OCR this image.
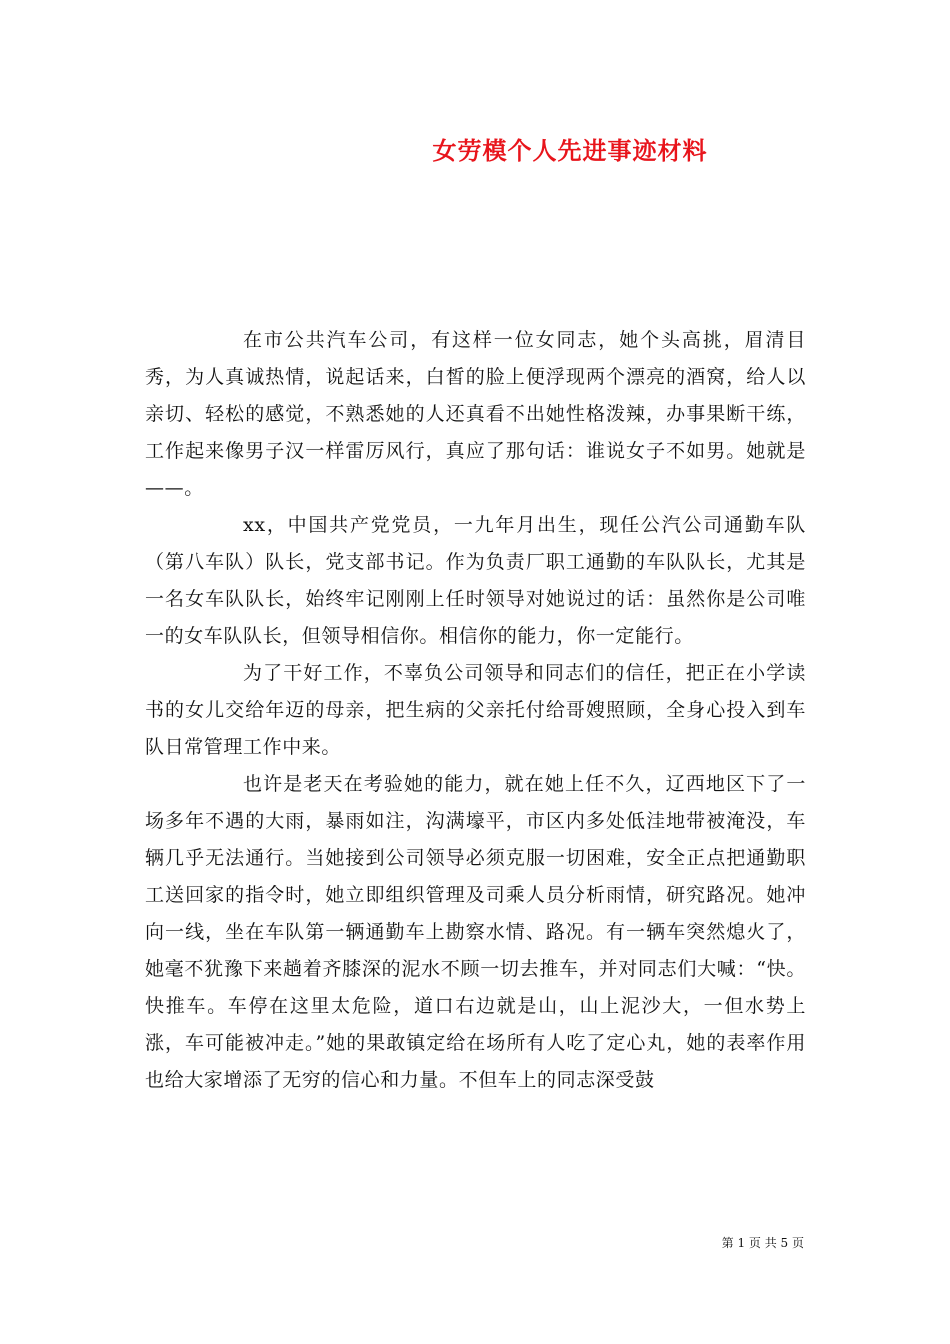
女劳模个人先进事迹材料

在市公共汽车公司，有这样一位女同志，她个头高挑，眉清目秀，为人真诚热情，说起话来，白皙的脸上便浮现两个漂亮的酒窝，给人以亲切、轻松的感觉，不熟悉她的人还真看不出她性格泼辣，办事果断干练，工作起来像男子汉一样雷厉风行，真应了那句话：谁说女子不如男。她就是——。

xx，中国共产党党员，一九年月出生，现任公汽公司通勤车队（第八车队）队长，党支部书记。作为负责厂职工通勤的车队队长，尤其是一名女车队队长，始终牢记刚刚上任时领导对她说过的话：虽然你是公司唯一的女车队队长，但领导相信你。相信你的能力，你一定能行。

为了干好工作，不辜负公司领导和同志们的信任，把正在小学读书的女儿交给年迈的母亲，把生病的父亲托付给哥嫂照顾，全身心投入到车队日常管理工作中来。

也许是老天在考验她的能力，就在她上任不久，辽西地区下了一场多年不遇的大雨，暴雨如注，沟满壕平，市区内多处低洼地带被淹没，车辆几乎无法通行。当她接到公司领导必须克服一切困难，安全正点把通勤职工送回家的指令时，她立即组织管理及司乘人员分析雨情，研究路况。她冲向一线，坐在车队第一辆通勤车上勘察水情、路况。有一辆车突然熄火了，她毫不犹豫下来趟着齐膝深的泥水不顾一切去推车，并对同志们大喊：“快。快推车。车停在这里太危险，道口右边就是山，山上泥沙大，一但水势上涨，车可能被冲走。”她的果敢镇定给在场所有人吃了定心丸，她的表率作用也给大家增添了无穷的信心和力量。不但车上的同志深受鼓

第 1 页 共 5 页
